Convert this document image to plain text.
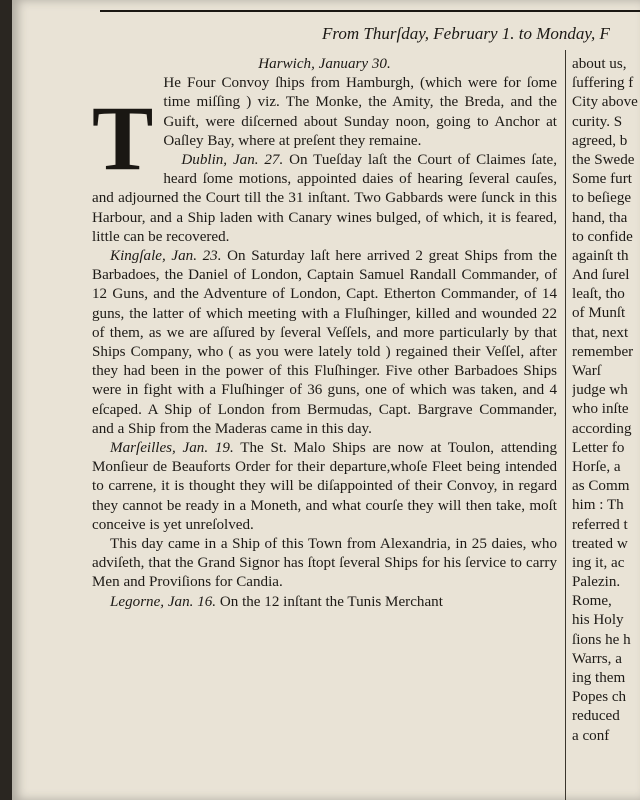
From Thurſday, February 1. to Monday, F
Harwich, January 30.
T

He Four Convoy ſhips from Hamburgh, (which were for ſome time miſſing ) viz. The Monke, the Amity, the Breda, and the Guift, were diſcerned about Sunday noon, going to Anchor at Oaſley Bay, where at preſent they remaine.

Dublin, Jan. 27. On Tueſday laſt the Court of Claimes ſate, heard ſome motions, appointed daies of hearing ſeveral cauſes, and adjourned the Court till the 31 inſtant. Two Gabbards were ſunck in this Harbour, and a Ship laden with Canary wines bulged, of which, it is feared, little can be recovered.

Kingſale, Jan. 23. On Saturday laſt here arrived 2 great Ships from the Barbadoes, the Daniel of London, Captain Samuel Randall Commander, of 12 Guns, and the Adventure of London, Capt. Etherton Commander, of 14 guns, the latter of which meeting with a Fluſhinger, killed and wounded 22 of them, as we are aſſured by ſeveral Veſſels, and more particularly by that Ships Company, who ( as you were lately told ) regained their Veſſel, after they had been in the power of this Fluſhinger. Five other Barbadoes Ships were in fight with a Fluſhinger of 36 guns, one of which was taken, and 4 eſcaped. A Ship of London from Bermudas, Capt. Bargrave Commander, and a Ship from the Maderas came in this day.

Marſeilles, Jan. 19. The St. Malo Ships are now at Toulon, attending Monſieur de Beauforts Order for their departure,whoſe Fleet being intended to carrene, it is thought they will be diſappointed of their Convoy, in regard they cannot be ready in a Moneth, and what courſe they will then take, moſt conceive is yet unreſolved.

This day came in a Ship of this Town from Alexandria, in 25 daies, who adviſeth, that the Grand Signor has ſtopt ſeveral Ships for his ſervice to carry Men and Proviſions for Candia.

Legorne, Jan. 16. On the 12 inſtant the Tunis Merchant

about us,
ſuffering f
City above
curity. S
agreed, b
the Swede
Some furt
to beſiege
hand, tha
to confide
againſt th
And ſurel
leaſt, tho
of Munſt
that, next
remember
Warſ
judge wh
who inſte
according
Letter fo
Horſe, a
as Comm
him : Th
referred t
treated w
ing it, ac
Palezin.
Rome,
his Holy
ſions he h
Warrs, a
ing them
Popes ch
reduced
a conf
